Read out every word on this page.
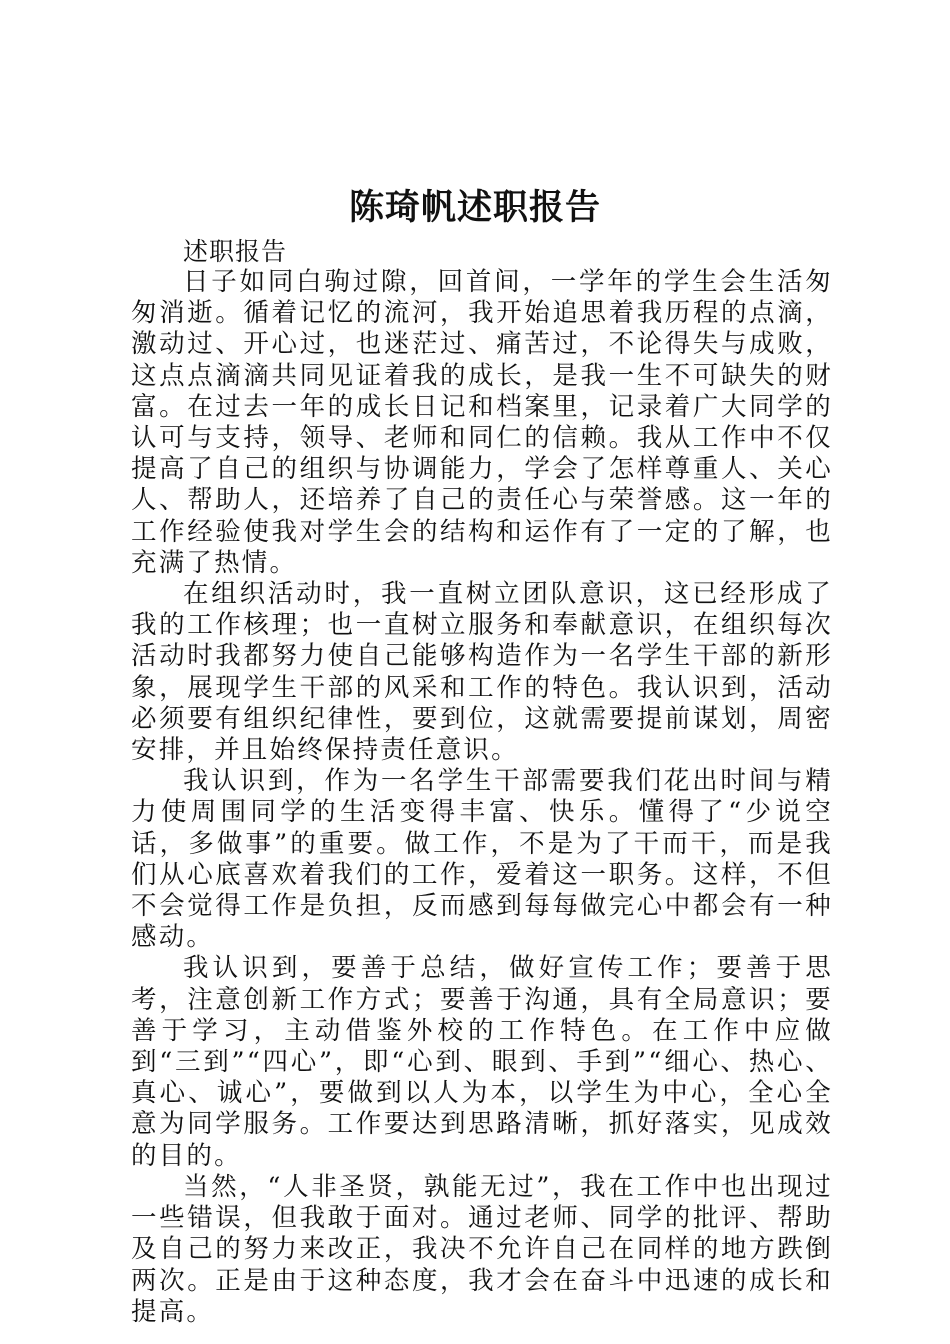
陈琦帆述职报告
述职报告

日子如同白驹过隙，回首间，一学年的学生会生活匆匆消逝。循着记忆的流河，我开始追思着我历程的点滴，激动过、开心过，也迷茫过、痛苦过，不论得失与成败，这点点滴滴共同见证着我的成长，是我一生不可缺失的财富。在过去一年的成长日记和档案里，记录着广大同学的认可与支持，领导、老师和同仁的信赖。我从工作中不仅提高了自己的组织与协调能力，学会了怎样尊重人、关心人、帮助人，还培养了自己的责任心与荣誉感。这一年的工作经验使我对学生会的结构和运作有了一定的了解，也充满了热情。

在组织活动时，我一直树立团队意识，这已经形成了我的工作核理；也一直树立服务和奉献意识，在组织每次活动时我都努力使自己能够构造作为一名学生干部的新形象，展现学生干部的风采和工作的特色。我认识到，活动必须要有组织纪律性，要到位，这就需要提前谋划，周密安排，并且始终保持责任意识。

我认识到，作为一名学生干部需要我们花出时间与精力使周围同学的生活变得丰富、快乐。懂得了“少说空话，多做事”的重要。做工作，不是为了干而干，而是我们从心底喜欢着我们的工作，爱着这一职务。这样，不但不会觉得工作是负担，反而感到每每做完心中都会有一种感动。

我认识到，要善于总结，做好宣传工作；要善于思考，注意创新工作方式；要善于沟通，具有全局意识；要善于学习，主动借鉴外校的工作特色。在工作中应做到“三到”“四心”，即“心到、眼到、手到”“细心、热心、真心、诚心”，要做到以人为本，以学生为中心，全心全意为同学服务。工作要达到思路清晰，抓好落实，见成效的目的。

当然，“人非圣贤，孰能无过”，我在工作中也出现过一些错误，但我敢于面对。通过老师、同学的批评、帮助及自己的努力来改正，我决不允许自己在同样的地方跌倒两次。正是由于这种态度，我才会在奋斗中迅速的成长和提高。
